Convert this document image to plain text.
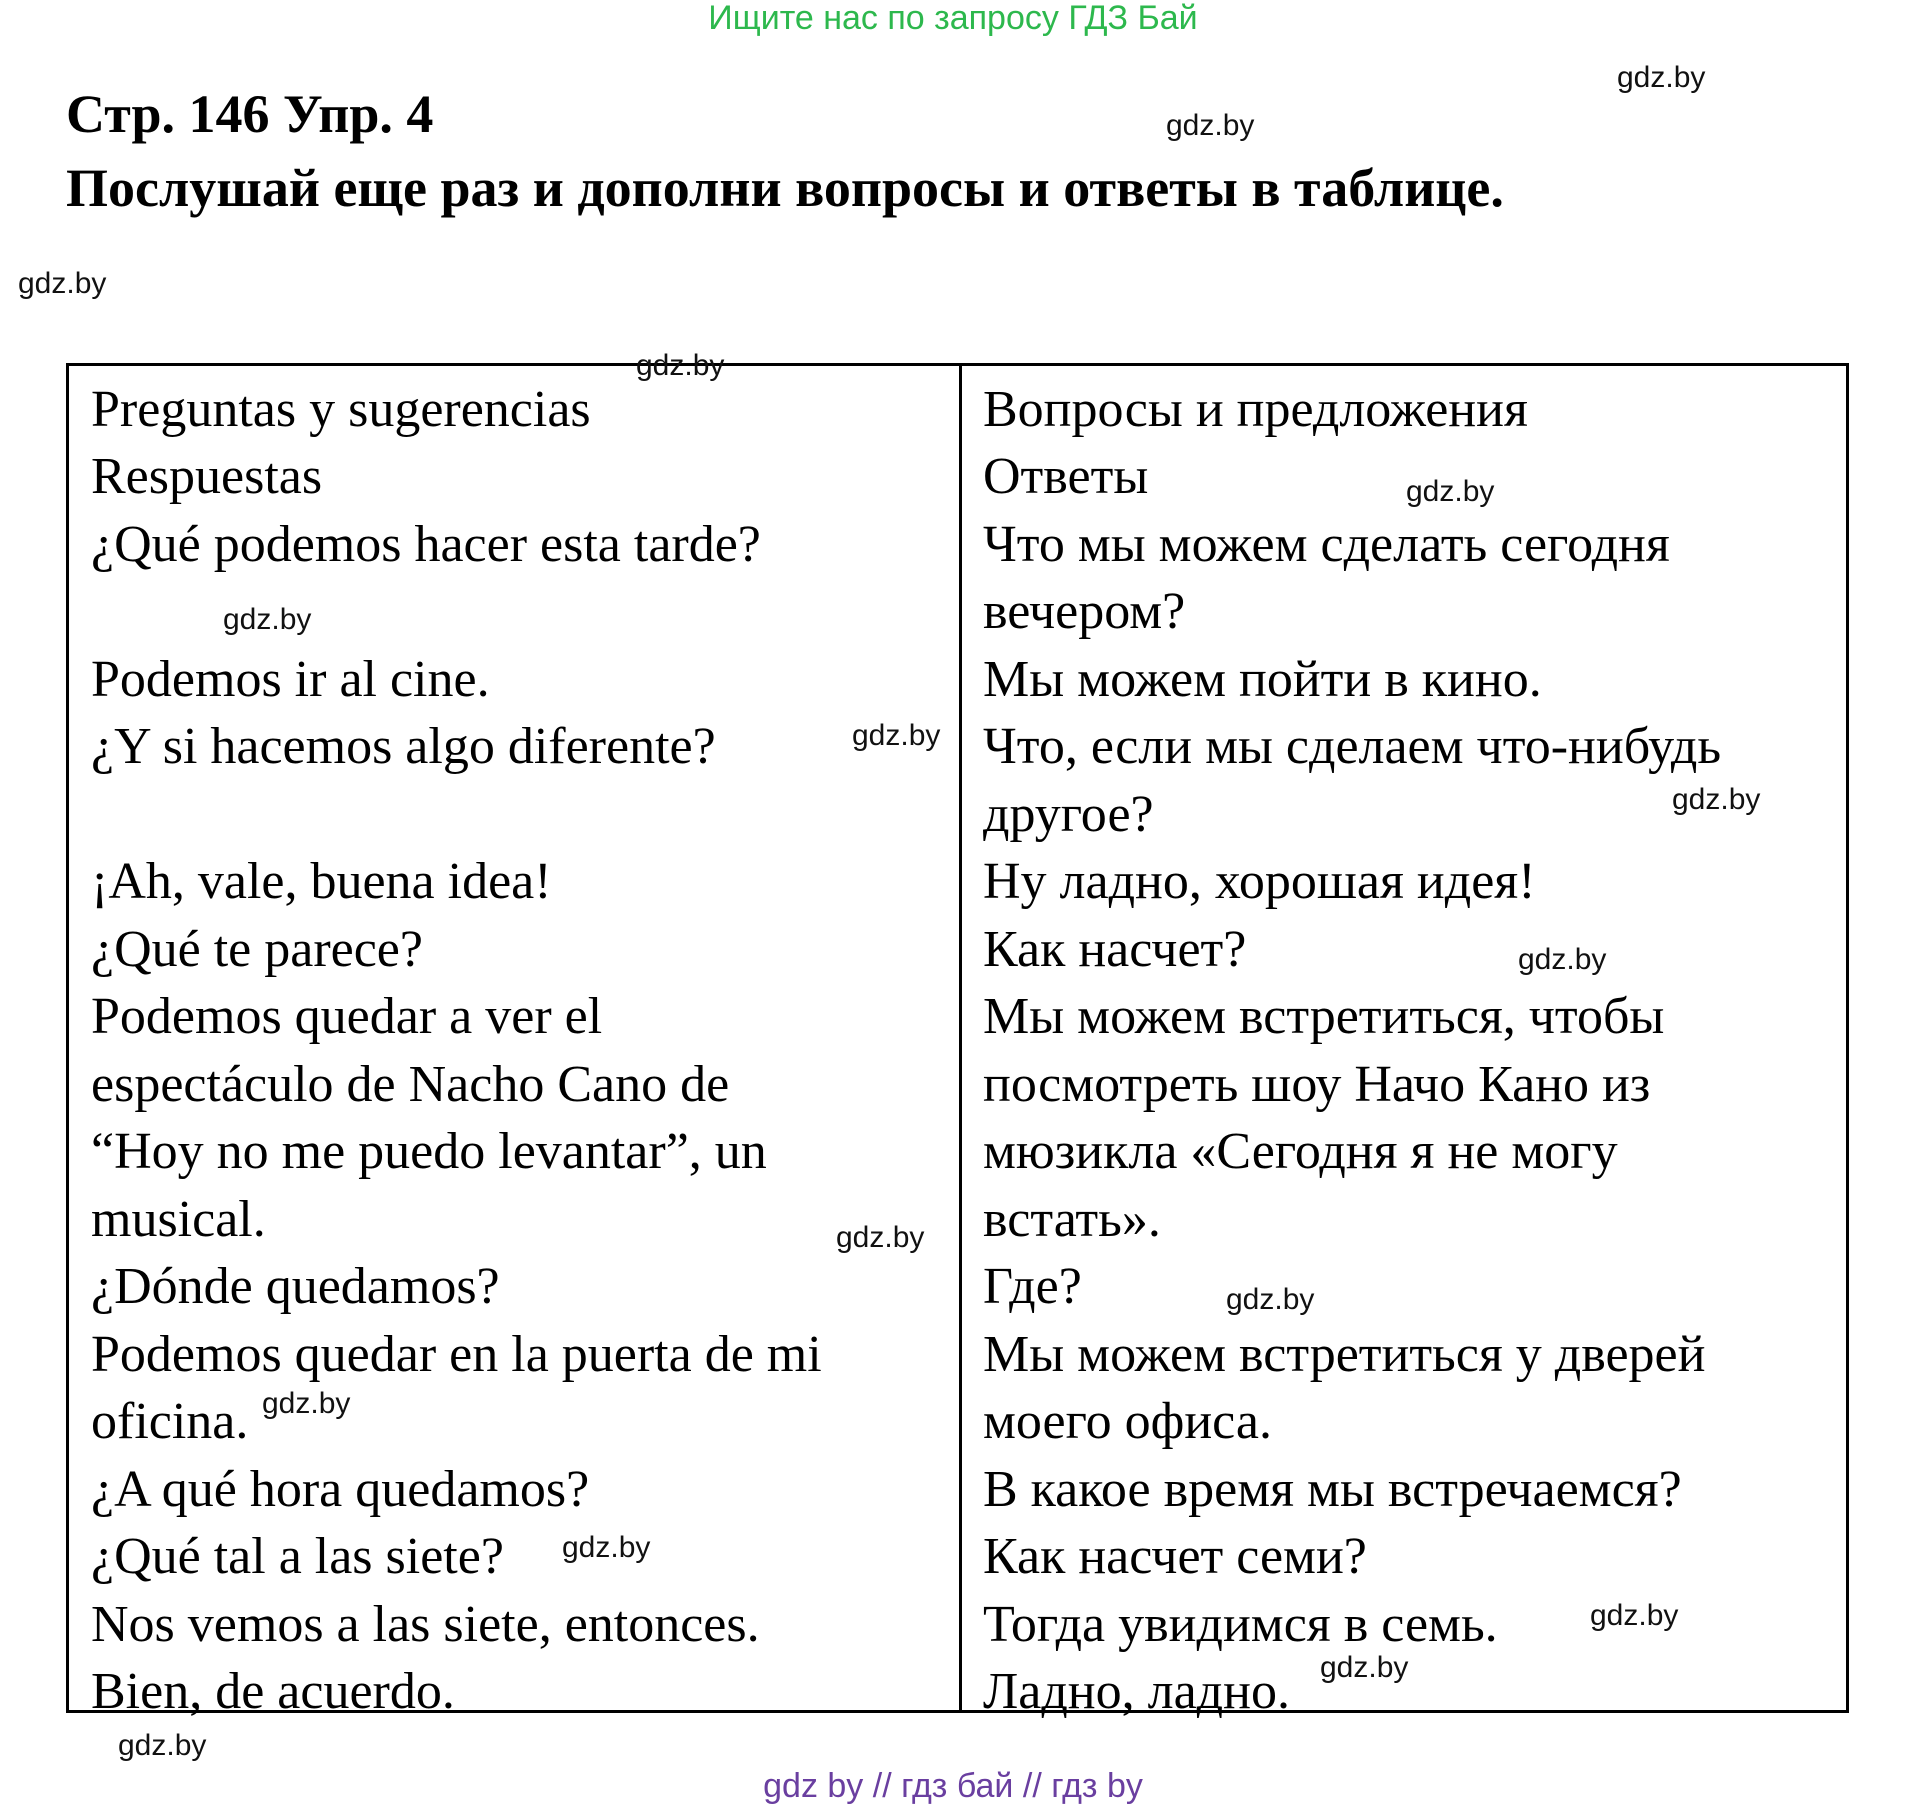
Ищите нас по запросу ГДЗ Бай
Стр. 146 Упр. 4
Послушай еще раз и дополни вопросы и ответы в таблице.
Preguntas y sugerencias
Respuestas
¿Qué podemos hacer esta tarde?
Podemos ir al cine.
¿Y si hacemos algo diferente?
¡Ah, vale, buena idea!
¿Qué te parece?
Podemos quedar a ver el
espectáculo de Nacho Cano de
“Hoy no me puedo levantar”, un
musical.
¿Dónde quedamos?
Podemos quedar en la puerta de mi
oficina.
¿A qué hora quedamos?
¿Qué tal a las siete?
Nos vemos a las siete, entonces.
Bien, de acuerdo.
Вопросы и предложения
Ответы
Что мы можем сделать сегодня
вечером?
Мы можем пойти в кино.
Что, если мы сделаем что-нибудь
другое?
Ну ладно, хорошая идея!
Как насчет?
Мы можем встретиться, чтобы
посмотреть шоу Начо Кано из
мюзикла «Сегодня я не могу
встать».
Где?
Мы можем встретиться у дверей
моего офиса.
В какое время мы встречаемся?
Как насчет семи?
Тогда увидимся в семь.
Ладно, ладно.
gdz.by
gdz.by
gdz.by
gdz.by
gdz.by
gdz.by
gdz.by
gdz.by
gdz.by
gdz.by
gdz.by
gdz.by
gdz.by
gdz.by
gdz.by
gdz.by
gdz by // гдз бай // гдз by
